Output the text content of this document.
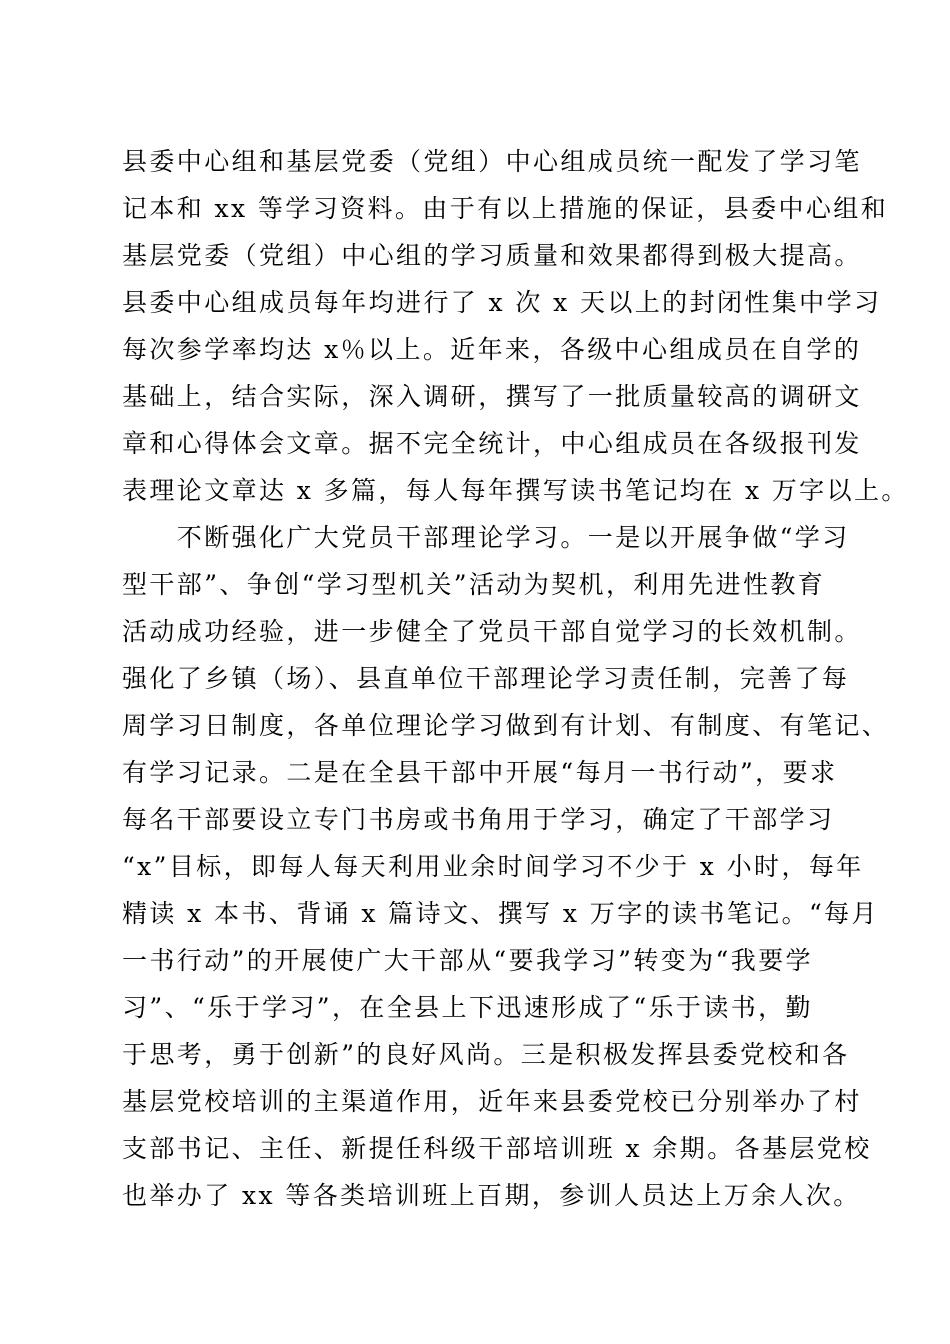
县委中心组和基层党委（党组）中心组成员统一配发了学习笔
记本和 xx 等学习资料。由于有以上措施的保证，县委中心组和
基层党委（党组）中心组的学习质量和效果都得到极大提高。
县委中心组成员每年均进行了 x 次 x 天以上的封闭性集中学习
每次参学率均达 x％以上。近年来，各级中心组成员在自学的
基础上，结合实际，深入调研，撰写了一批质量较高的调研文
章和心得体会文章。据不完全统计，中心组成员在各级报刊发
表理论文章达 x 多篇，每人每年撰写读书笔记均在 x 万字以上。
　　不断强化广大党员干部理论学习。一是以开展争做“学习
型干部”、争创“学习型机关”活动为契机，利用先进性教育
活动成功经验，进一步健全了党员干部自觉学习的长效机制。
强化了乡镇（场）、县直单位干部理论学习责任制，完善了每
周学习日制度，各单位理论学习做到有计划、有制度、有笔记、
有学习记录。二是在全县干部中开展“每月一书行动”，要求
每名干部要设立专门书房或书角用于学习，确定了干部学习
“x”目标，即每人每天利用业余时间学习不少于 x 小时，每年
精读 x 本书、背诵 x 篇诗文、撰写 x 万字的读书笔记。“每月
一书行动”的开展使广大干部从“要我学习”转变为“我要学
习”、“乐于学习”，在全县上下迅速形成了“乐于读书，勤
于思考，勇于创新”的良好风尚。三是积极发挥县委党校和各
基层党校培训的主渠道作用，近年来县委党校已分别举办了村
支部书记、主任、新提任科级干部培训班 x 余期。各基层党校
也举办了 xx 等各类培训班上百期，参训人员达上万余人次。
